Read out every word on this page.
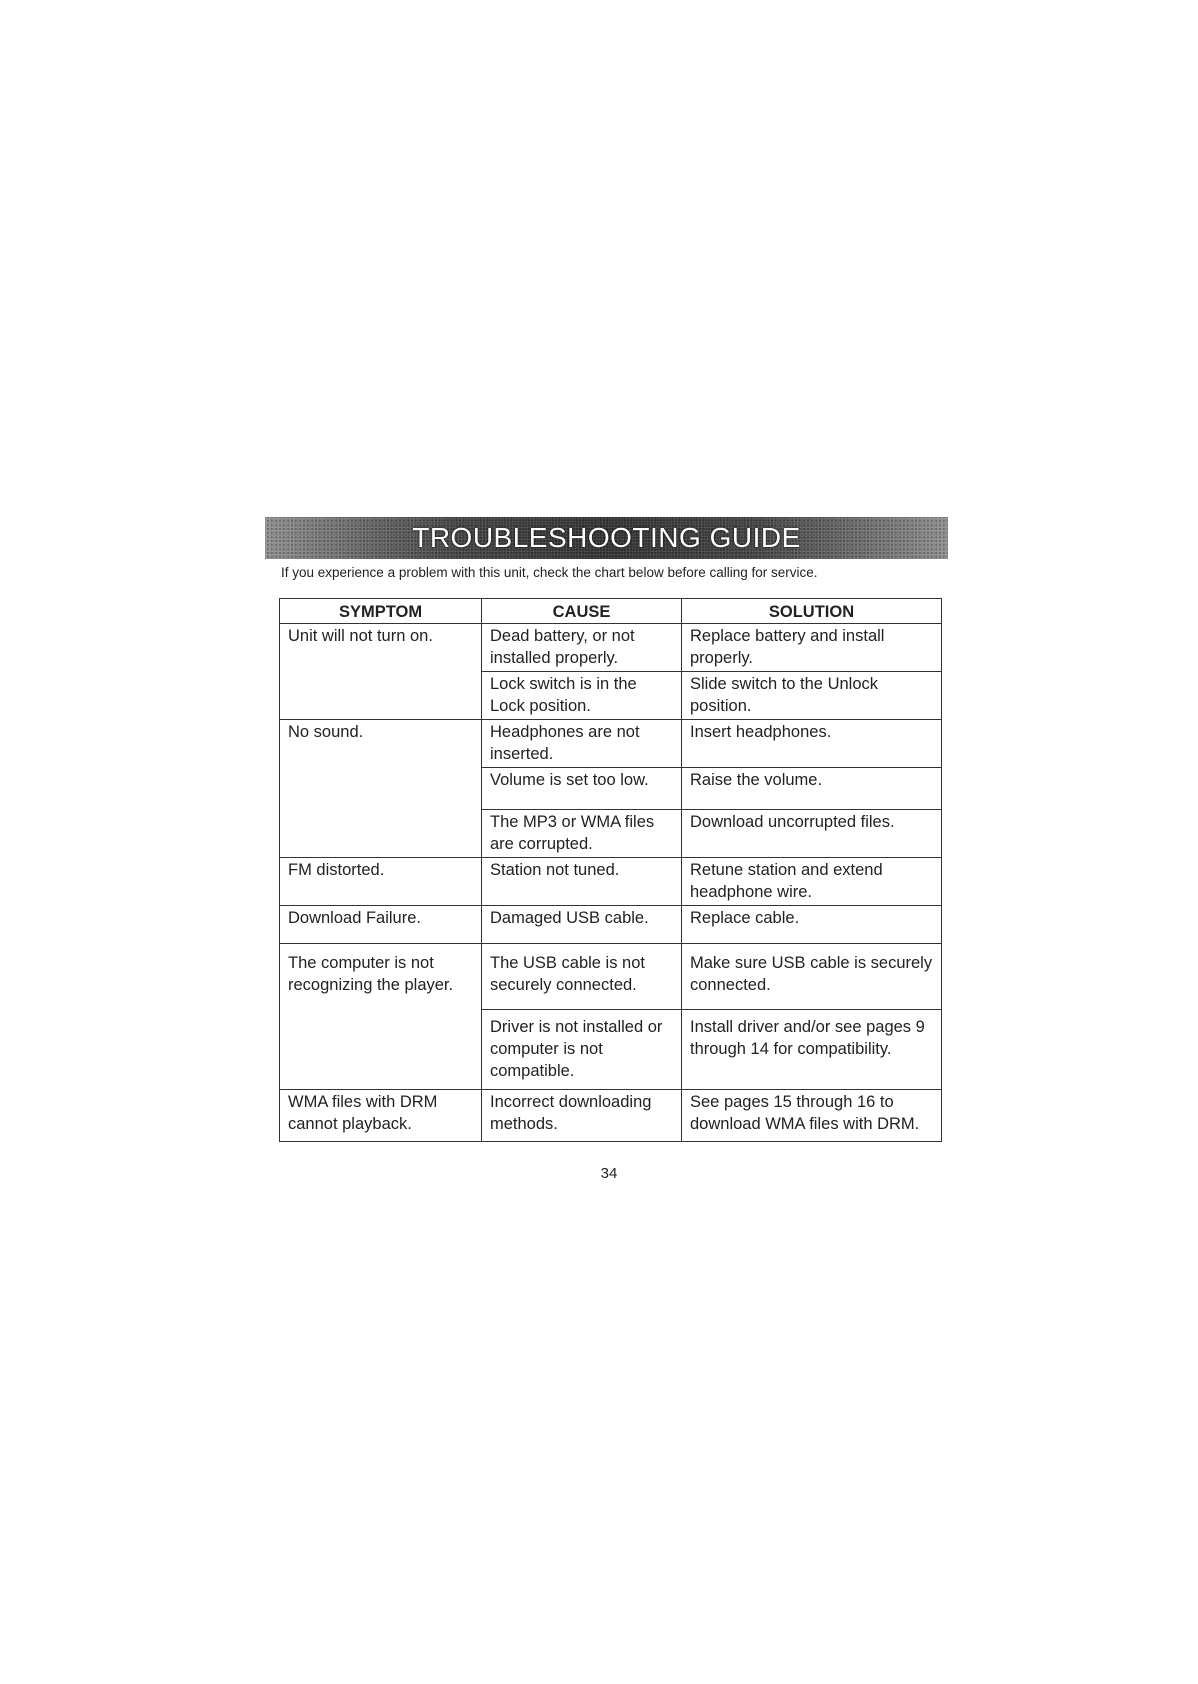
TROUBLESHOOTING GUIDE
If you experience a problem with this unit, check the chart below before calling for service.
SYMPTOM	CAUSE	SOLUTION
Unit will not turn on.	Dead battery, or not installed properly.	Replace battery and install properly.
	Lock switch is in the Lock position.	Slide switch to the Unlock position.
No sound.	Headphones are not inserted.	Insert headphones.
	Volume is set too low.	Raise the volume.
	The MP3 or WMA files are corrupted.	Download uncorrupted files.
FM distorted.	Station not tuned.	Retune station and extend headphone wire.
Download Failure.	Damaged USB cable.	Replace cable.
The computer is not recognizing the player.	The USB cable is not securely connected.	Make sure USB cable is securely connected.
	Driver is not installed or computer is not compatible.	Install driver and/or see pages 9 through 14 for compatibility.
WMA files with DRM cannot playback.	Incorrect downloading methods.	See pages 15 through 16 to download WMA files with DRM.
34
